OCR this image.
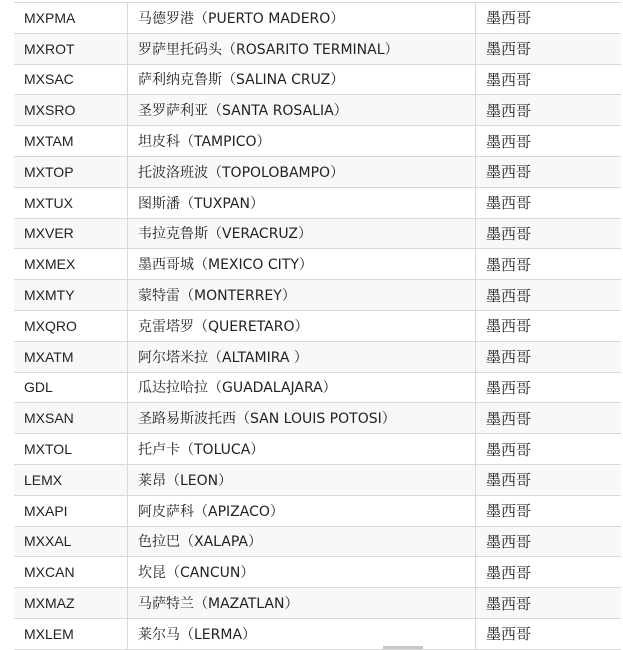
MXPMA	马德罗港（PUERTO MADERO）	墨西哥
MXROT	罗萨里托码头（ROSARITO TERMINAL）	墨西哥
MXSAC	萨利纳克鲁斯（SALINA CRUZ）	墨西哥
MXSRO	圣罗萨利亚（SANTA ROSALIA）	墨西哥
MXTAM	坦皮科（TAMPICO）	墨西哥
MXTOP	托波洛班波（TOPOLOBAMPO）	墨西哥
MXTUX	图斯潘（TUXPAN）	墨西哥
MXVER	韦拉克鲁斯（VERACRUZ）	墨西哥
MXMEX	墨西哥城（MEXICO CITY）	墨西哥
MXMTY	蒙特雷（MONTERREY）	墨西哥
MXQRO	克雷塔罗（QUERETARO）	墨西哥
MXATM	阿尔塔米拉（ALTAMIRA ）	墨西哥
GDL	瓜达拉哈拉（GUADALAJARA）	墨西哥
MXSAN	圣路易斯波托西（SAN LOUIS POTOSI）	墨西哥
MXTOL	托卢卡（TOLUCA）	墨西哥
LEMX	莱昂（LEON）	墨西哥
MXAPI	阿皮萨科（APIZACO）	墨西哥
MXXAL	色拉巴（XALAPA）	墨西哥
MXCAN	坎昆（CANCUN）	墨西哥
MXMAZ	马萨特兰（MAZATLAN）	墨西哥
MXLEM	莱尔马（LERMA）	墨西哥
